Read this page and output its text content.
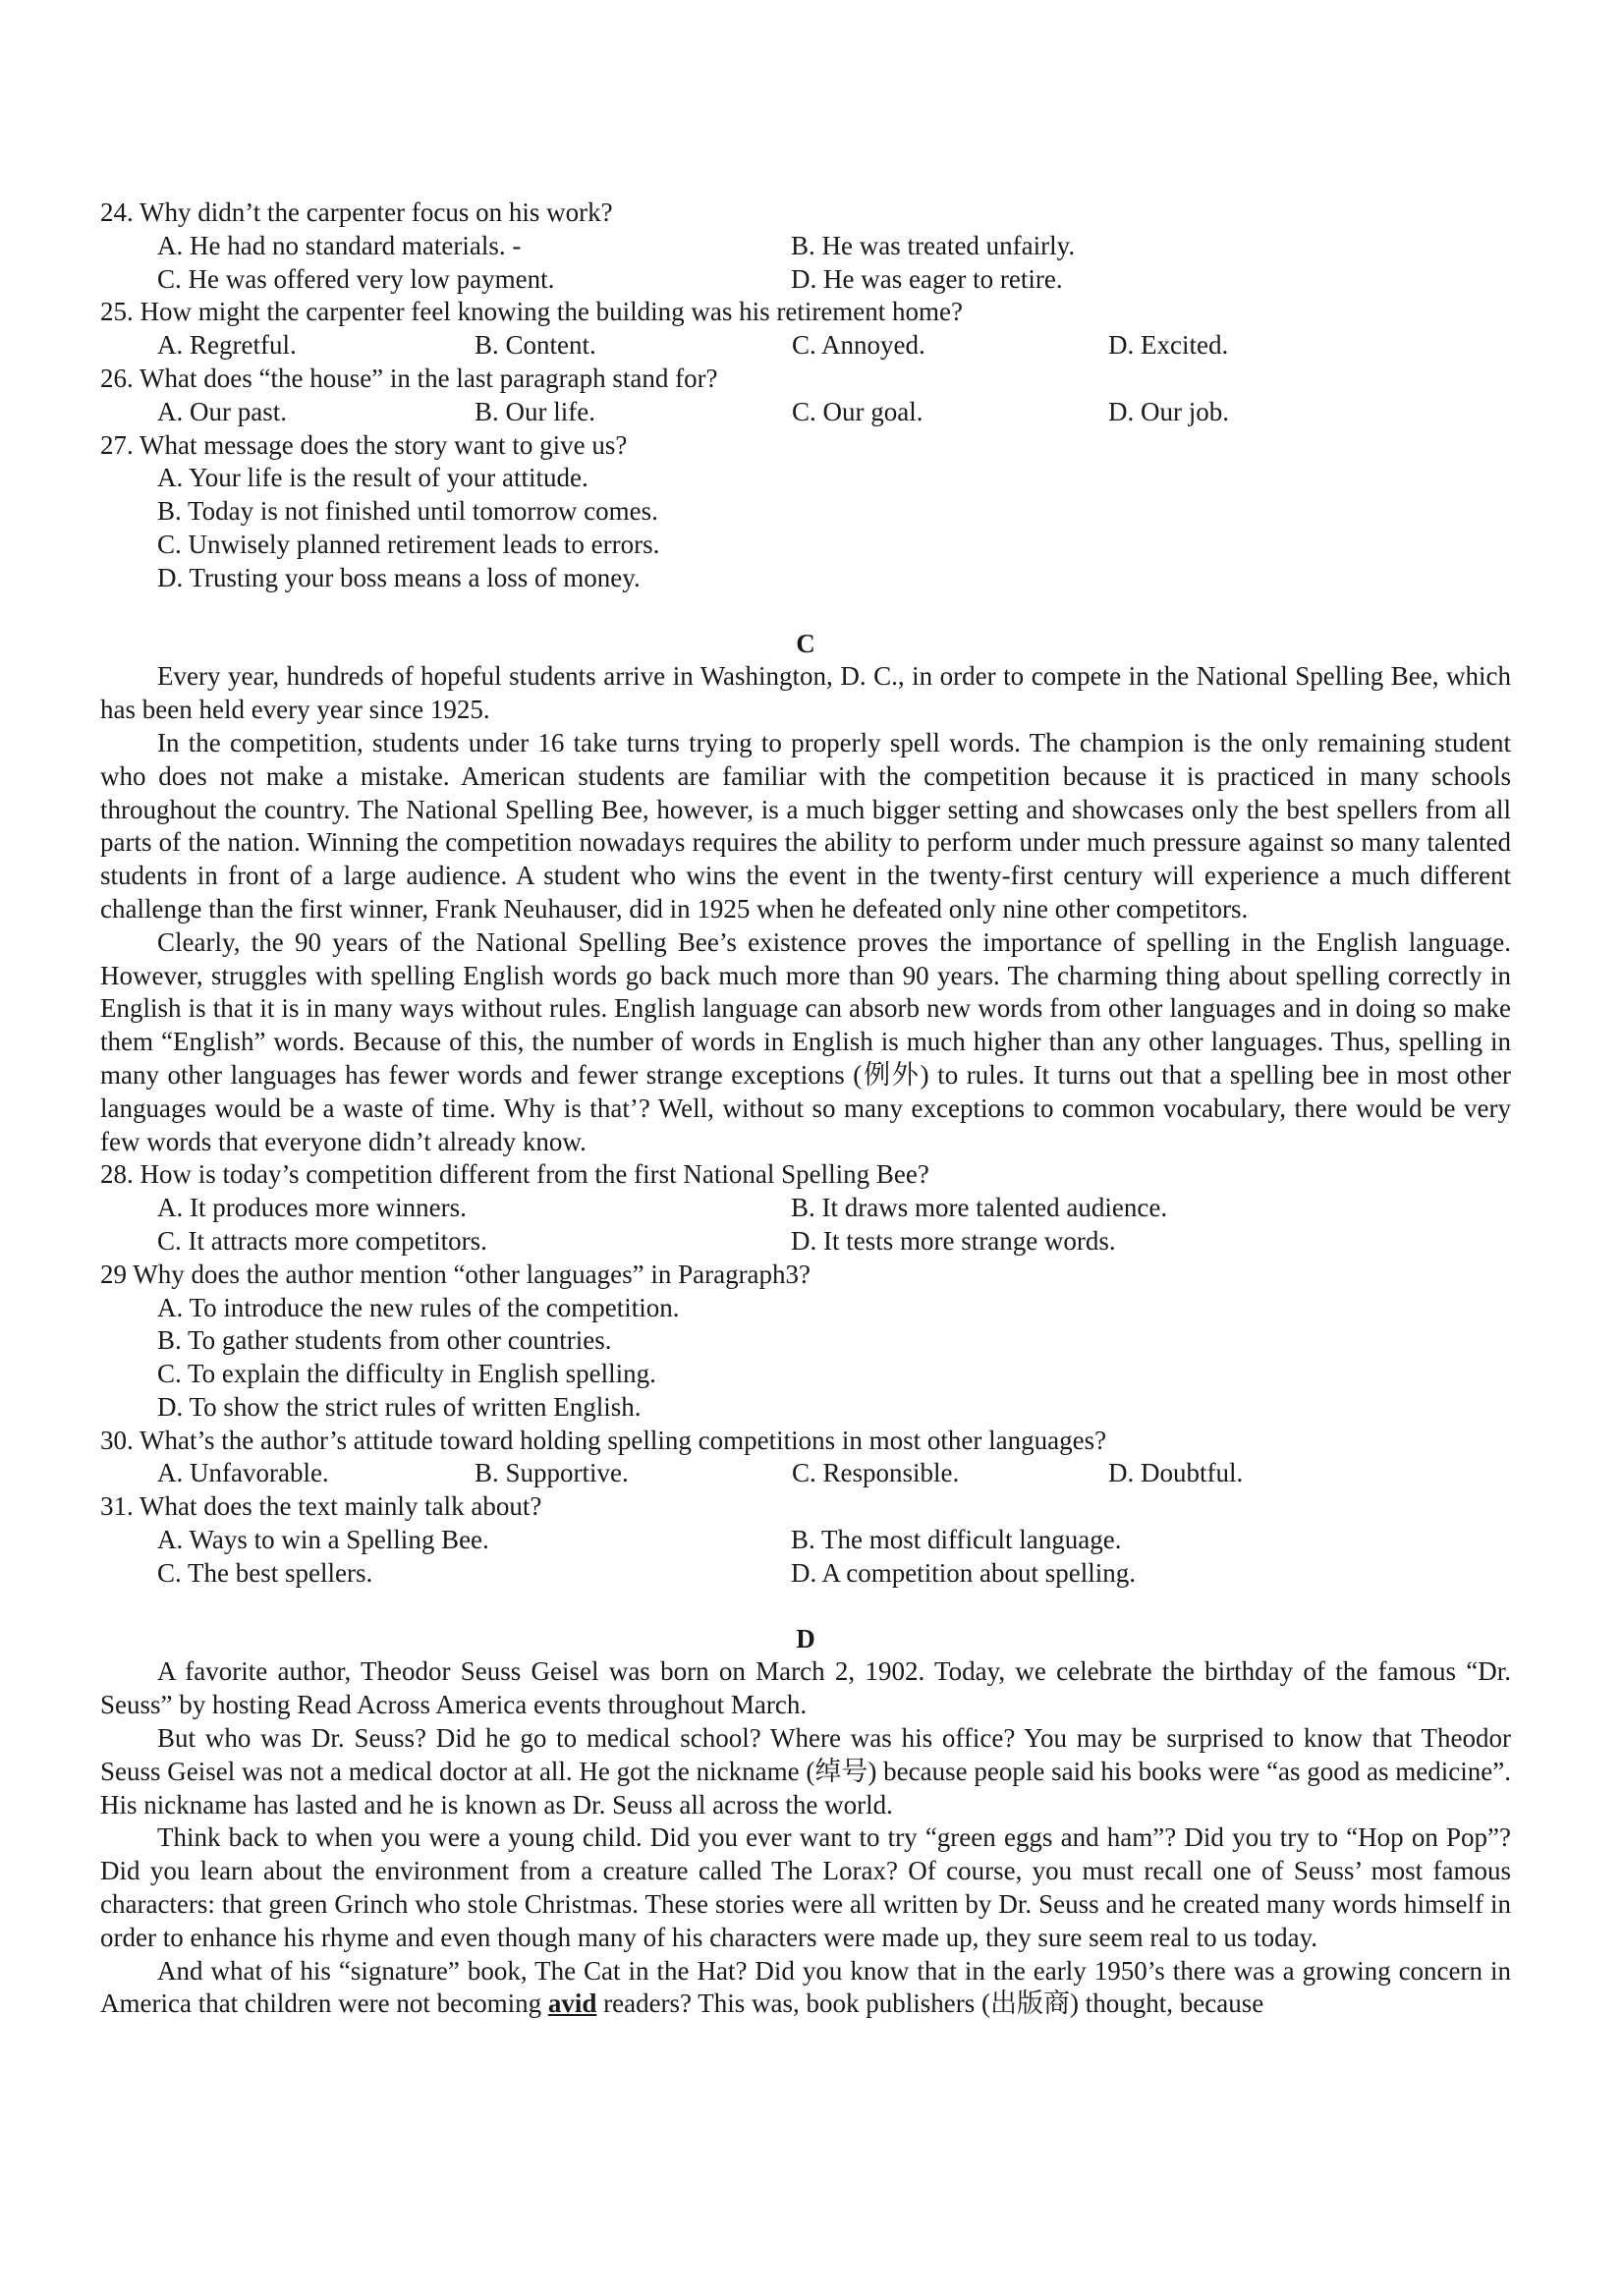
24. Why didn’t the carpenter focus on his work?

A. He had no standard materials. -	B. He was treated unfairly.
C. He was offered very low payment.	D. He was eager to retire.

25. How might the carpenter feel knowing the building was his retirement home?

A. Regretful.	B. Content.	C. Annoyed.	D. Excited.

26. What does “the house” in the last paragraph stand for?

A. Our past.	B. Our life.	C. Our goal.	D. Our job.

27. What message does the story want to give us?

A. Your life is the result of your attitude.
B. Today is not finished until tomorrow comes.
C. Unwisely planned retirement leads to errors.
D. Trusting your boss means a loss of money.
C

Every year, hundreds of hopeful students arrive in Washington, D. C., in order to compete in the National Spelling Bee, which has been held every year since 1925.

In the competition, students under 16 take turns trying to properly spell words. The champion is the only remaining student who does not make a mistake. American students are familiar with the competition because it is practiced in many schools throughout the country. The National Spelling Bee, however, is a much bigger setting and showcases only the best spellers from all parts of the nation. Winning the competition nowadays requires the ability to perform under much pressure against so many talented students in front of a large audience. A student who wins the event in the twenty-first century will experience a much different challenge than the first winner, Frank Neuhauser, did in 1925 when he defeated only nine other competitors.

Clearly, the 90 years of the National Spelling Bee’s existence proves the importance of spelling in the English language. However, struggles with spelling English words go back much more than 90 years. The charming thing about spelling correctly in English is that it is in many ways without rules. English language can absorb new words from other languages and in doing so make them “English” words. Because of this, the number of words in English is much higher than any other languages. Thus, spelling in many other languages has fewer words and fewer strange exceptions (例外) to rules. It turns out that a spelling bee in most other languages would be a waste of time. Why is that’? Well, without so many exceptions to common vocabulary, there would be very few words that everyone didn’t already know.

28. How is today’s competition different from the first National Spelling Bee?

A. It produces more winners.	B. It draws more talented audience.
C. It attracts more competitors.	D. It tests more strange words.

29 Why does the author mention “other languages” in Paragraph3?

A. To introduce the new rules of the competition.
B. To gather students from other countries.
C. To explain the difficulty in English spelling.
D. To show the strict rules of written English.

30. What’s the author’s attitude toward holding spelling competitions in most other languages?

A. Unfavorable.	B. Supportive.	C. Responsible.	D. Doubtful.

31. What does the text mainly talk about?

A. Ways to win a Spelling Bee.	B. The most difficult language.
C. The best spellers.	D. A competition about spelling.
D

A favorite author, Theodor Seuss Geisel was born on March 2, 1902. Today, we celebrate the birthday of the famous “Dr. Seuss” by hosting Read Across America events throughout March.

But who was Dr. Seuss? Did he go to medical school? Where was his office? You may be surprised to know that Theodor Seuss Geisel was not a medical doctor at all. He got the nickname (绰号) because people said his books were “as good as medicine”. His nickname has lasted and he is known as Dr. Seuss all across the world.

Think back to when you were a young child. Did you ever want to try “green eggs and ham”? Did you try to “Hop on Pop”? Did you learn about the environment from a creature called The Lorax? Of course, you must recall one of Seuss’ most famous characters: that green Grinch who stole Christmas. These stories were all written by Dr. Seuss and he created many words himself in order to enhance his rhyme and even though many of his characters were made up, they sure seem real to us today.

And what of his “signature” book, The Cat in the Hat? Did you know that in the early 1950’s there was a growing concern in America that children were not becoming avid readers? This was, book publishers (出版商) thought, because
